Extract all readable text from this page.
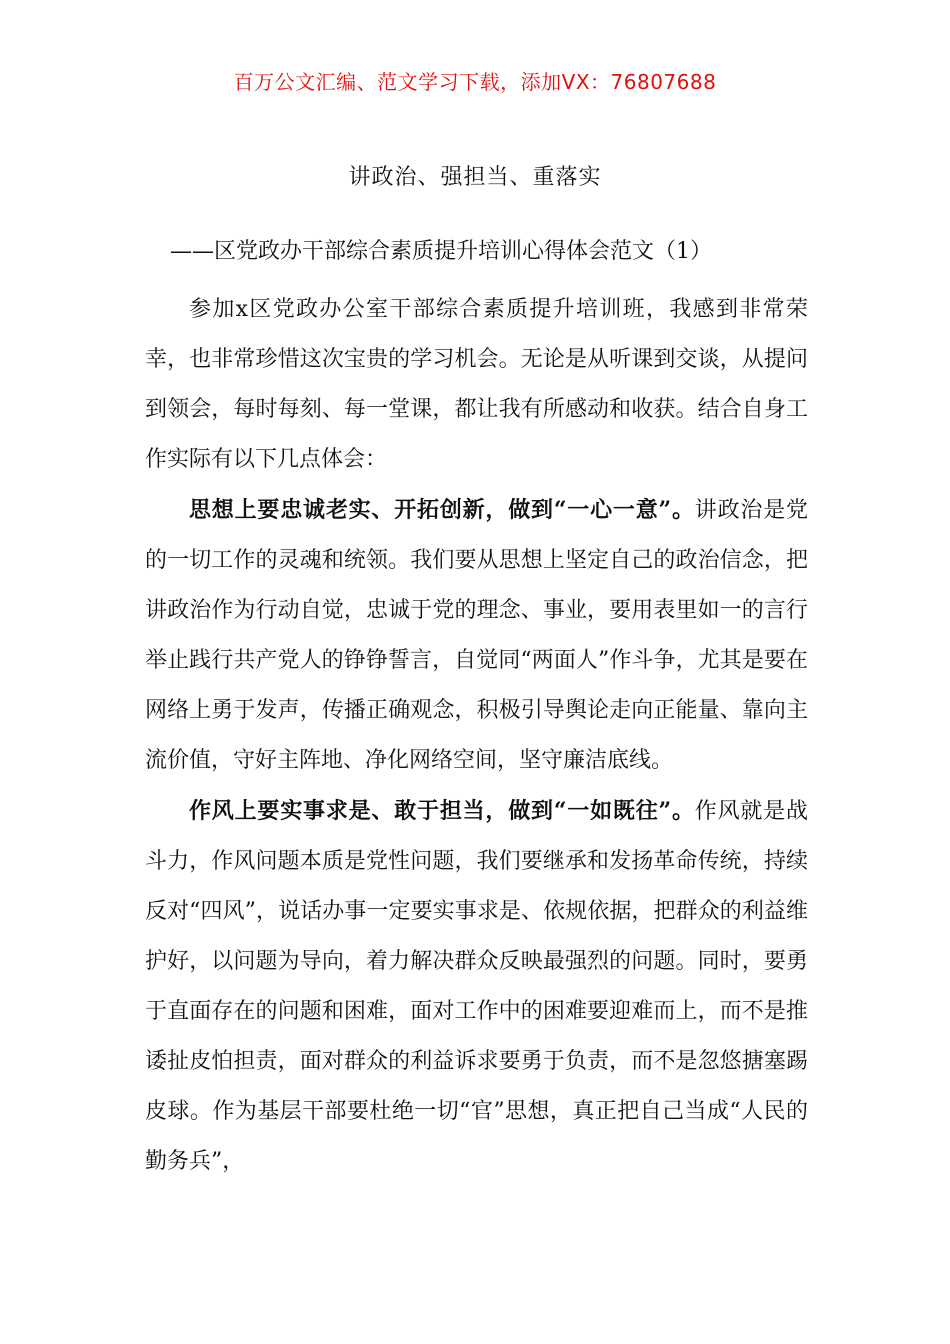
百万公文汇编、范文学习下载，添加VX：76807688
讲政治、强担当、重落实
——区党政办干部综合素质提升培训心得体会范文（1）

参加x区党政办公室干部综合素质提升培训班，我感到非常荣幸，也非常珍惜这次宝贵的学习机会。无论是从听课到交谈，从提问到领会，每时每刻、每一堂课，都让我有所感动和收获。结合自身工作实际有以下几点体会：

思想上要忠诚老实、开拓创新，做到“一心一意”。讲政治是党的一切工作的灵魂和统领。我们要从思想上坚定自己的政治信念，把讲政治作为行动自觉，忠诚于党的理念、事业，要用表里如一的言行举止践行共产党人的铮铮誓言，自觉同“两面人”作斗争，尤其是要在网络上勇于发声，传播正确观念，积极引导舆论走向正能量、靠向主流价值，守好主阵地、净化网络空间，坚守廉洁底线。

作风上要实事求是、敢于担当，做到“一如既往”。作风就是战斗力，作风问题本质是党性问题，我们要继承和发扬革命传统，持续反对“四风”，说话办事一定要实事求是、依规依据，把群众的利益维护好，以问题为导向，着力解决群众反映最强烈的问题。同时，要勇于直面存在的问题和困难，面对工作中的困难要迎难而上，而不是推诿扯皮怕担责，面对群众的利益诉求要勇于负责，而不是忽悠搪塞踢皮球。作为基层干部要杜绝一切“官”思想，真正把自己当成“人民的勤务兵”，
